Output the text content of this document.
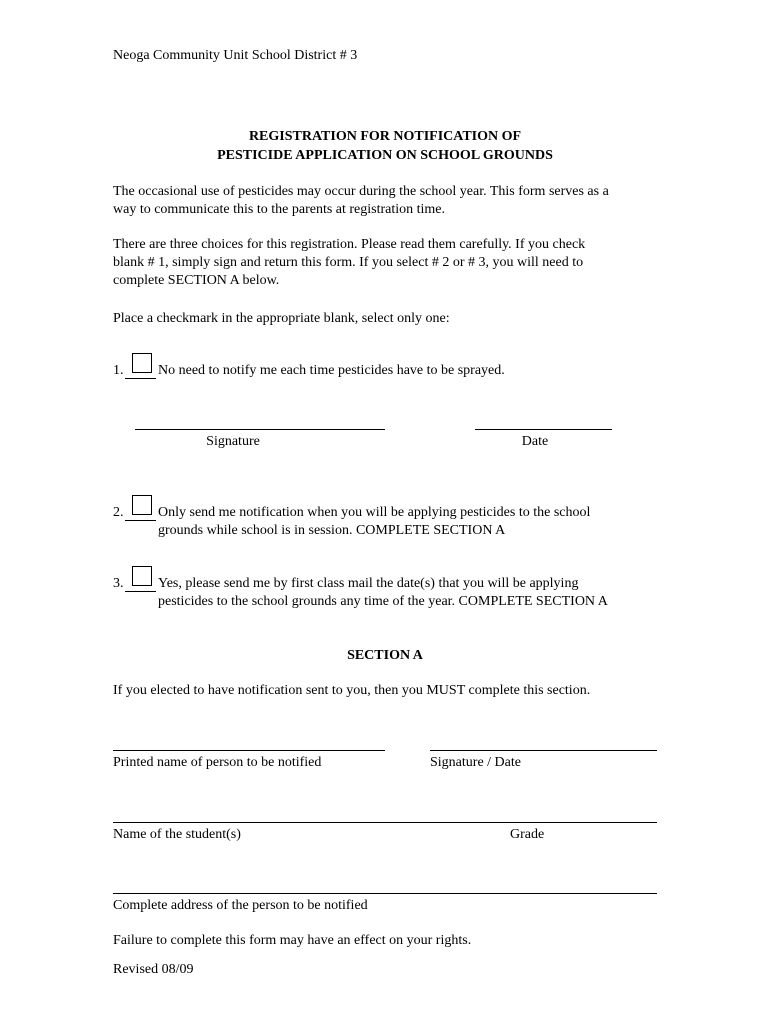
Neoga Community Unit School District # 3
REGISTRATION FOR NOTIFICATION OF
PESTICIDE APPLICATION ON SCHOOL GROUNDS
The occasional use of pesticides may occur during the school year. This form serves as a
way to communicate this to the parents at registration time.
There are three choices for this registration. Please read them carefully. If you check
blank # 1, simply sign and return this form. If you select # 2 or # 3, you will need to
complete SECTION A below.
Place a checkmark in the appropriate blank, select only one:
1. No need to notify me each time pesticides have to be sprayed.
Signature	Date
2. Only send me notification when you will be applying pesticides to the school
grounds while school is in session. COMPLETE SECTION A
3. Yes, please send me by first class mail the date(s) that you will be applying
pesticides to the school grounds any time of the year. COMPLETE SECTION A
SECTION A
If you elected to have notification sent to you, then you MUST complete this section.
Printed name of person to be notified	Signature / Date
Name of the student(s)	Grade
Complete address of the person to be notified
Failure to complete this form may have an effect on your rights.
Revised 08/09
